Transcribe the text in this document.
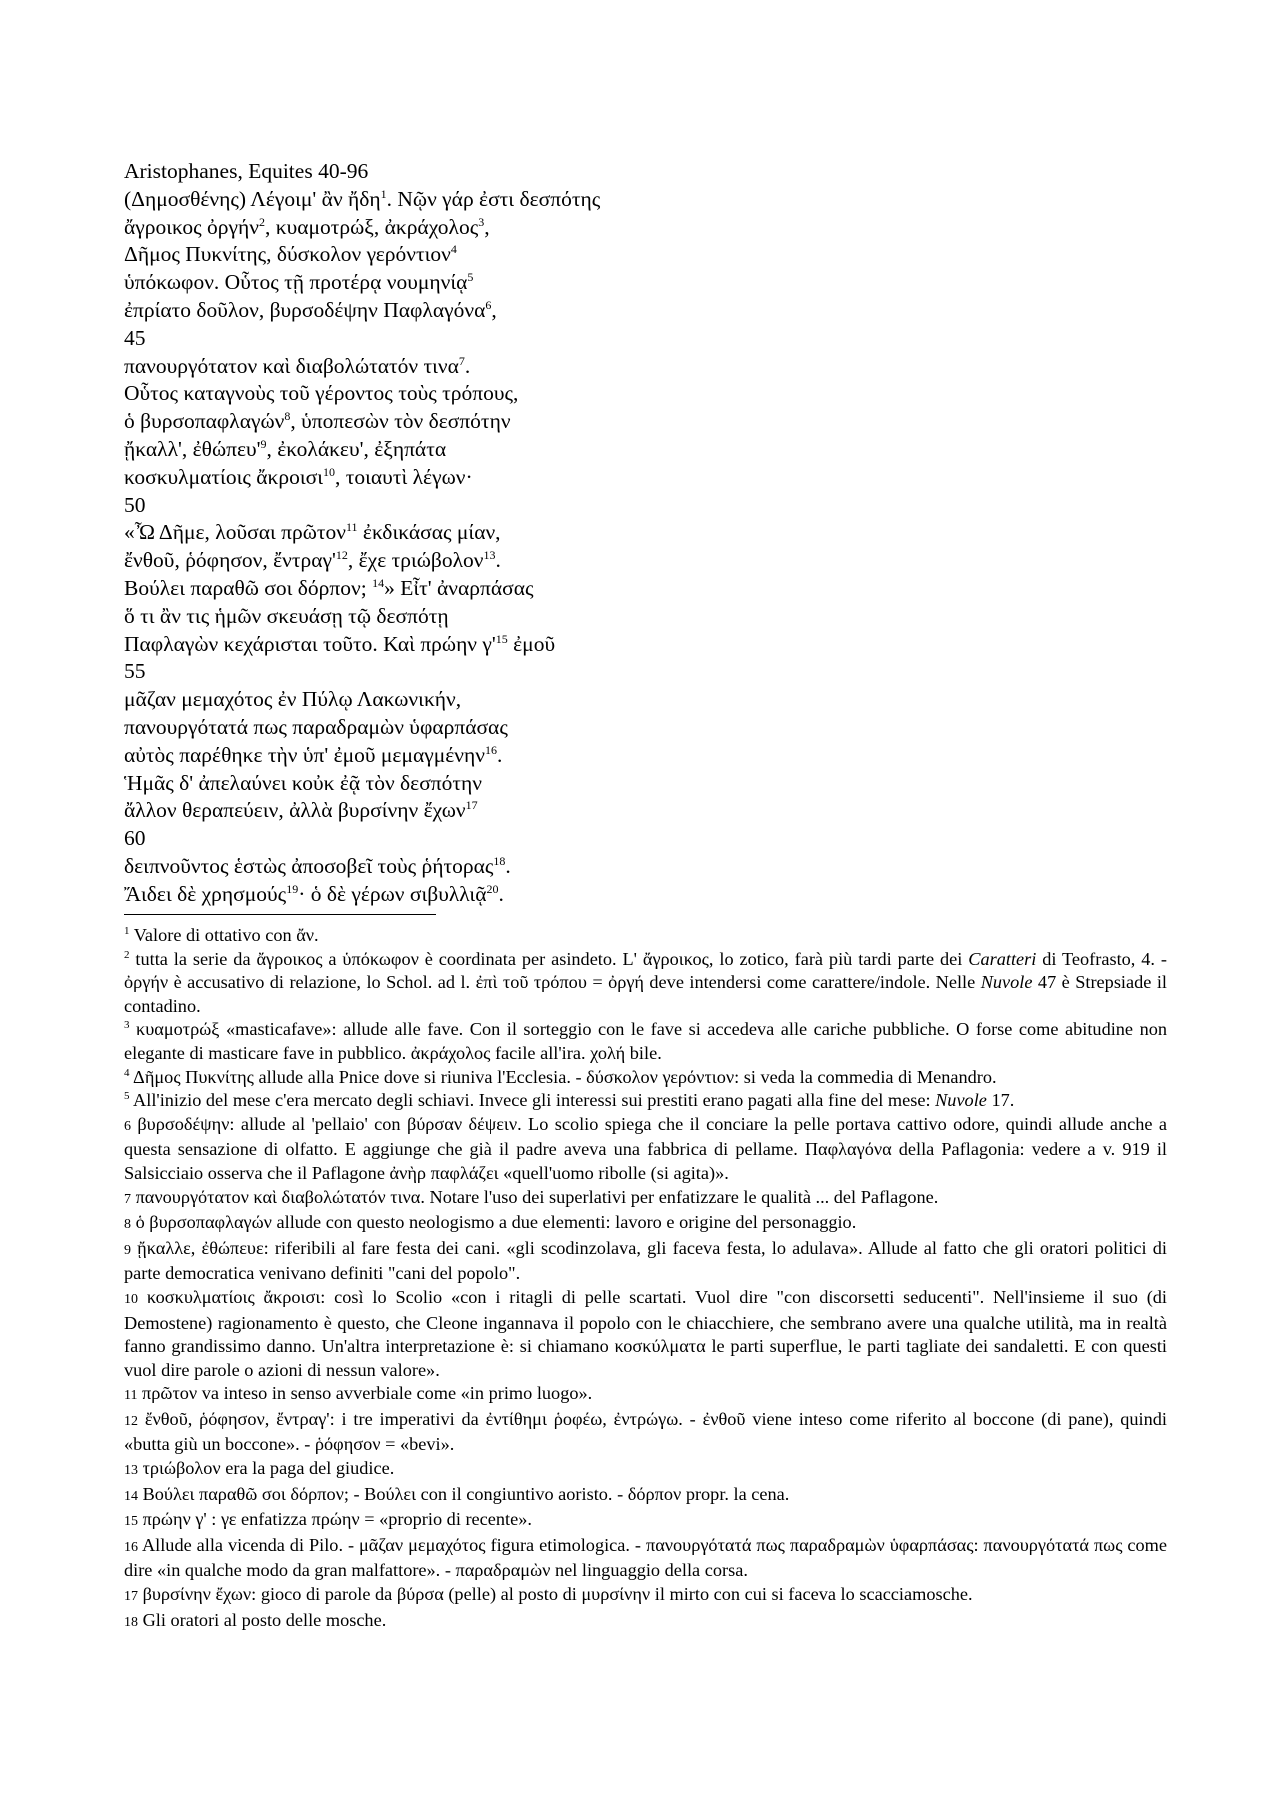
Aristophanes, Equites 40-96
(Δημοσθένης) Λέγοιμ' ἂν ἤδη$^1$. Νῷν γάρ ἐστι δεσπότης
ἄγροικος ὀργήν$^2$, κυαμοτρώξ, ἀκράχολος$^3$,
Δῆμος Πυκνίτης, δύσκολον γερόντιον$^4$
ὑπόκωφον. Οὗτος τῇ προτέρᾳ νουμηνίᾳ$^5$
ἐπρίατο δοῦλον, βυρσοδέψην Παφλαγόνα$^6$,
45
πανουργότατον καὶ διαβολώτατόν τινα$^7$.
Οὗτος καταγνοὺς τοῦ γέροντος τοὺς τρόπους,
ὁ βυρσοπαφλαγών$^8$, ὑποπεσὼν τὸν δεσπότην
ᾔκαλλ', $ἐ\theta ώ\pi\varepsilon\upsilon'^9$, ἐκολάκευ', ἐξηπάτα
κοσκυλματίοις ἄκροισι$^{10}$, τοιαυτὶ λέγων·
50
«Ὦ Δῆμε, λοῦσαι πρῶτον$^{11}$ ἐκδικάσας μίαν,
ἔνθοῦ, ῥόφησον, $ἔ\nu\tau\rho\alpha\gamma'^{12}$, ἔχε τριώβολον$^{13}$.
Βούλει παραθῶ σοι δόρπον; $^{14}$» Εἶτ' ἀναρπάσας
ὅ τι ἂν τις ἡμῶν σκευάσῃ τῷ δεσπότῃ
Παφλαγὼν κεχάρισται τοῦτο. Καὶ πρώην $\gamma'^{15}$ ἐμοῦ
55
μᾶζαν μεμαχότος ἐν Πύλῳ Λακωνικήν,
πανουργότατά πως παραδραμὼν ὑφαρπάσας
αὐτὸς παρέθηκε τὴν ὑπ' ἐμοῦ μεμαγμένην$^{16}$.
Ἡμᾶς δ' ἀπελαύνει κοὐκ ἐᾷ τὸν δεσπότην
ἄλλον θεραπεύειν, ἀλλὰ βυρσίνην ἔχων$^{17}$
60
δειπνοῦντος ἑστὼς ἀποσοβεῖ τοὺς ῥήτορας$^{18}$.
Ἄιδει δὲ χρησμούς$^{19}$· ὁ δὲ γέρων σιβυλλιᾷ$^{20}$.
$^1$ Valore di ottativo con ἄν.
$^2$ tutta la serie da ἄγροικος a ὑπόκωφον è coordinata per asindeto. L' ἄγροικος, lo zotico, farà più tardi parte dei Caratteri di Teofrasto, 4. - ὀργήν è accusativo di relazione, lo Schol. ad l. ἐπὶ τοῦ τρόπου = ὀργή deve intendersi come carattere/indole. Nelle Nuvole 47 è Strepsiade il contadino.
$^3$ κυαμοτρώξ «masticafave»: allude alle fave. Con il sorteggio con le fave si accedeva alle cariche pubbliche. O forse come abitudine non elegante di masticare fave in pubblico. ἀκράχολος facile all'ira. χολή bile.
$^4$ Δῆμος Πυκνίτης allude alla Pnice dove si riuniva l'Ecclesia. - δύσκολον γερόντιον: si veda la commedia di Menandro.
$^5$ All'inizio del mese c'era mercato degli schiavi. Invece gli interessi sui prestiti erano pagati alla fine del mese: Nuvole 17.
6 βυρσοδέψην: allude al 'pellaio' con βύρσαν δέψειν. Lo scolio spiega che il conciare la pelle portava cattivo odore, quindi allude anche a questa sensazione di olfatto. E aggiunge che già il padre aveva una fabbrica di pellame. Παφλαγόνα della Paflagonia: vedere a v. 919 il Salsicciaio osserva che il Paflagone ἀνὴρ παφλάζει «quell'uomo ribolle (si agita)».
7 πανουργότατον καὶ διαβολώτατόν τινα. Notare l'uso dei superlativi per enfatizzare le qualità ... del Paflagone.
8 ὁ βυρσοπαφλαγών allude con questo neologismo a due elementi: lavoro e origine del personaggio.
9 ᾔκαλλε, ἐθώπευε: riferibili al fare festa dei cani. «gli scodinzolava, gli faceva festa, lo adulava». Allude al fatto che gli oratori politici di parte democratica venivano definiti "cani del popolo".
10 κοσκυλματίοις ἄκροισι: così lo Scolio «con i ritagli di pelle scartati. Vuol dire "con discorsetti seducenti". Nell'insieme il suo (di Demostene) ragionamento è questo, che Cleone ingannava il popolo con le chiacchiere, che sembrano avere una qualche utilità, ma in realtà fanno grandissimo danno. Un'altra interpretazione è: si chiamano κοσκύλματα le parti superflue, le parti tagliate dei sandaletti. E con questi vuol dire parole o azioni di nessun valore».
11 πρῶτον va inteso in senso avverbiale come «in primo luogo».
12 ἔνθοῦ, ῥόφησον, ἔντραγ': i tre imperativi da ἐντίθημι ῥοφέω, ἐντρώγω. - ἐνθοῦ viene inteso come riferito al boccone (di pane), quindi «butta giù un boccone». - ῥόφησον = «bevi».
13 τριώβολον era la paga del giudice.
14 Βούλει παραθῶ σοι δόρπον; - Βούλει con il congiuntivo aoristo. - δόρπον propr. la cena.
15 πρώην γ' : γε enfatizza πρώην = «proprio di recente».
16 Allude alla vicenda di Pilo. - μᾶζαν μεμαχότος figura etimologica. - πανουργότατά πως παραδραμὼν ὑφαρπάσας: πανουργότατά πως come dire «in qualche modo da gran malfattore». - παραδραμὼν nel linguaggio della corsa.
17 βυρσίνην ἔχων: gioco di parole da βύρσα (pelle) al posto di μυρσίνην il mirto con cui si faceva lo scacciamosche.
18 Gli oratori al posto delle mosche.
